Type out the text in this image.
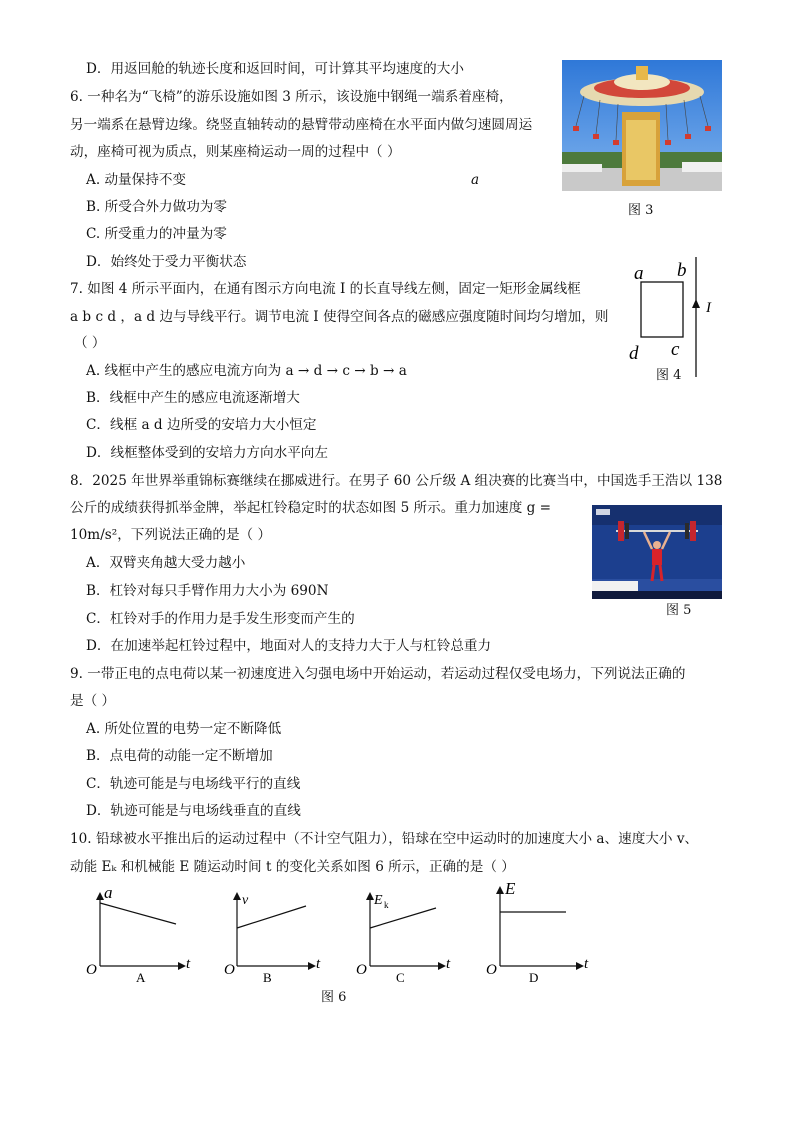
D．用返回舱的轨迹长度和返回时间，可计算其平均速度的大小
6. 一种名为“飞椅”的游乐设施如图 3 所示，该设施中钢绳一端系着座椅，
另一端系在悬臂边缘。绕竖直轴转动的悬臂带动座椅在水平面内做匀速圆周运
动，座椅可视为质点，则某座椅运动一周的过程中（ ）
A. 动量保持不变	a
B. 所受合外力做功为零
C. 所受重力的冲量为零
D．始终处于受力平衡状态
图 3
7. 如图 4 所示平面内，在通有图示方向电流 I 的长直导线左侧，固定一矩形金属线框
a b c d ，a d 边与导线平行。调节电流 I 使得空间各点的磁感应强度随时间均匀增加，则
（ ）
A. 线框中产生的感应电流方向为 a → d → c → b → a
B．线框中产生的感应电流逐渐增大
C．线框 a d 边所受的安培力大小恒定
D．线框整体受到的安培力方向水平向左
a b
c
d
I
图 4
8．2025 年世界举重锦标赛继续在挪威进行。在男子 60 公斤级 A 组决赛的比赛当中，中国选手王浩以 138
公斤的成绩获得抓举金牌，举起杠铃稳定时的状态如图 5 所示。重力加速度 g =
10m/s²，下列说法正确的是（ ）
A．双臂夹角越大受力越小
B．杠铃对每只手臂作用力大小为 690N
C．杠铃对手的作用力是手发生形变而产生的
D．在加速举起杠铃过程中，地面对人的支持力大于人与杠铃总重力
图 5
9. 一带正电的点电荷以某一初速度进入匀强电场中开始运动，若运动过程仅受电场力，下列说法正确的
是（ ）
A. 所处位置的电势一定不断降低
B．点电荷的动能一定不断增加
C．轨迹可能是与电场线平行的直线
D．轨迹可能是与电场线垂直的直线
10. 铅球被水平推出后的运动过程中（不计空气阻力），铅球在空中运动时的加速度大小 a、速度大小 v、
动能 Eₖ 和机械能 E 随运动时间 t 的变化关系如图 6 所示，正确的是（ ）
a
t
O	A
v
t
O B
E k
t
O C
E
t
O D
图 6
